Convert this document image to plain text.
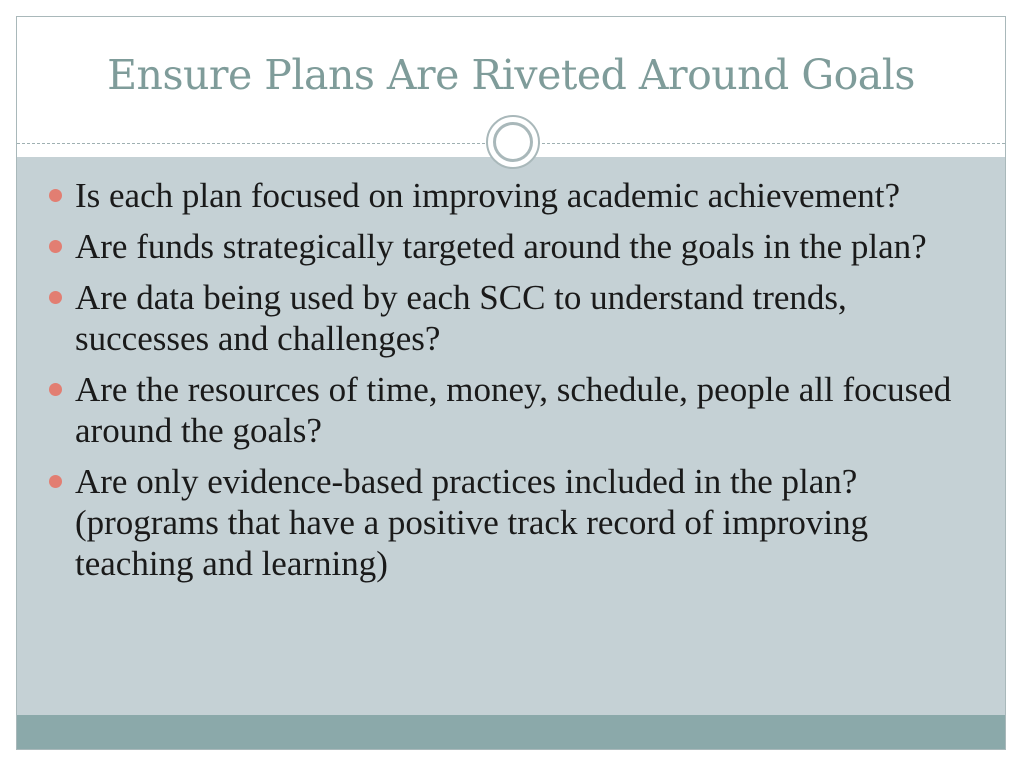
Ensure Plans Are Riveted Around Goals
Is each plan focused on improving academic achievement?
Are funds strategically targeted around the goals in the plan?
Are data being used by each SCC to understand trends, successes and challenges?
Are the resources of time, money, schedule, people all focused around the goals?
Are only evidence-based practices included in the plan? (programs that have a positive track record of improving teaching and learning)
